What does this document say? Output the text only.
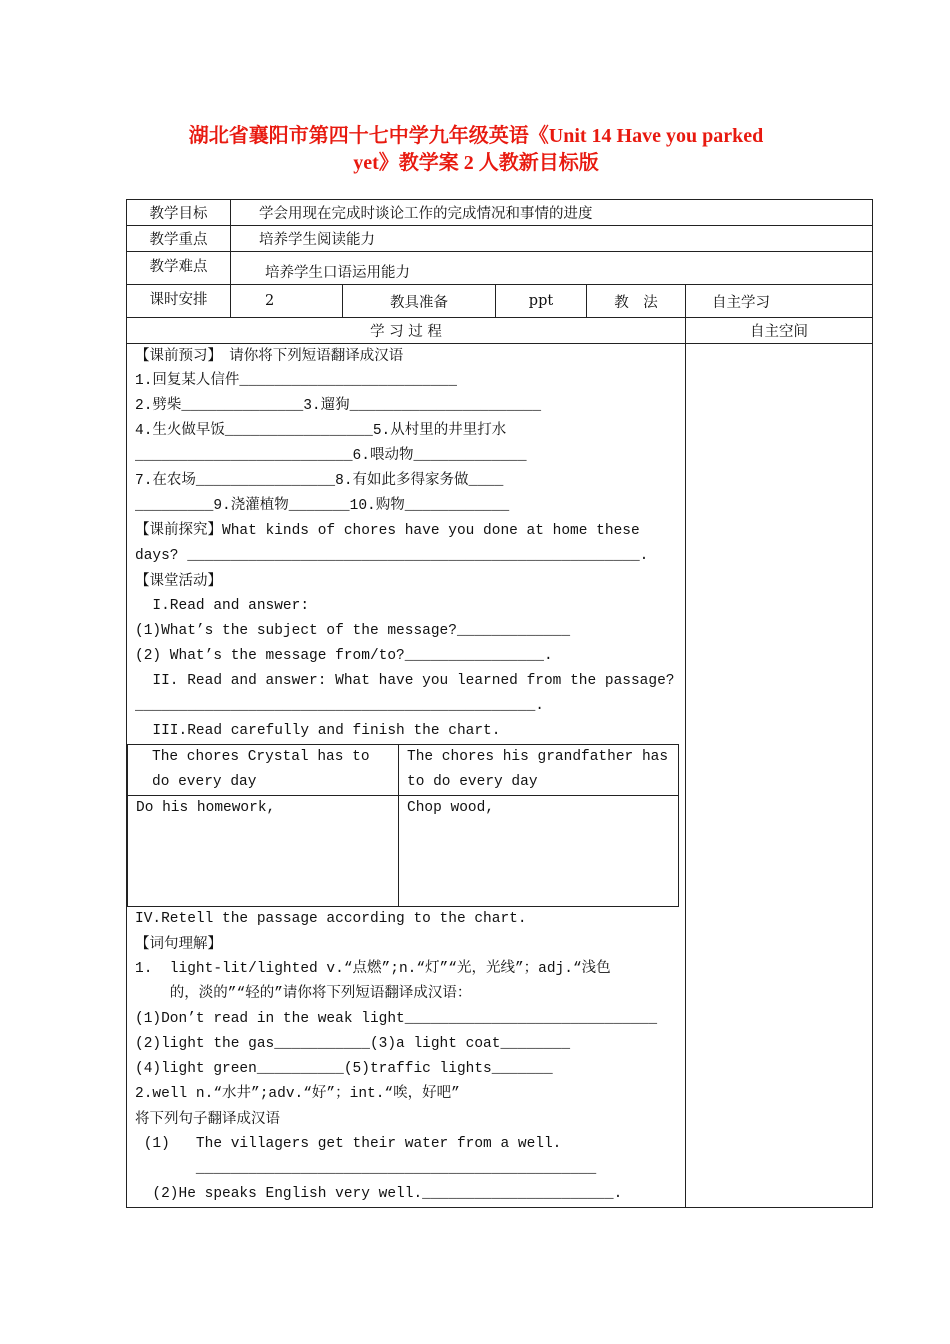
湖北省襄阳市第四十七中学九年级英语《Unit 14 Have you parked
yet》教学案 2 人教新目标版
教学目标	学会用现在完成时谈论工作的完成情况和事情的进度
教学重点	培养学生阅读能力
教学难点	培养学生口语运用能力
课时安排	2	教具准备	ppt	教　法	自主学习
学 习 过 程	自主空间

【课前预习】　请你将下列短语翻译成汉语
1.回复某人信件_________________________
2.劈柴______________3.遛狗______________________
4.生火做早饭_________________5.从村里的井里打水
_________________________6.喂动物_____________
7.在农场________________8.有如此多得家务做____
_________9.浇灌植物_______10.购物____________
【课前探究】What kinds of chores have you done at home these
days? ____________________________________________________.
【课堂活动】
I.Read and answer:
(1)What’s the subject of the message?_____________
(2) What’s the message from/to?________________.
II. Read and answer: What have you learned from the passage?
______________________________________________.
III.Read carefully and finish the chart.
The chores Crystal has to do every day	The chores his grandfather has to do every day
Do his homework,	Chop wood,
IV.Retell the passage according to the chart.
【词句理解】
1.  light-lit/lighted v.“点燃”;n.“灯”“光，光线”；adj.“浅色
的，淡的”“轻的”请你将下列短语翻译成汉语：
(1)Don’t read in the weak light_____________________________
(2)light the gas___________(3)a light coat________
(4)light green__________(5)traffic lights_______
2.well n.“水井”;adv.“好”；int.“唉，好吧”
将下列句子翻译成汉语
(1)   The villagers get their water from a well.
______________________________________________
(2)He speaks English very well.______________________.
